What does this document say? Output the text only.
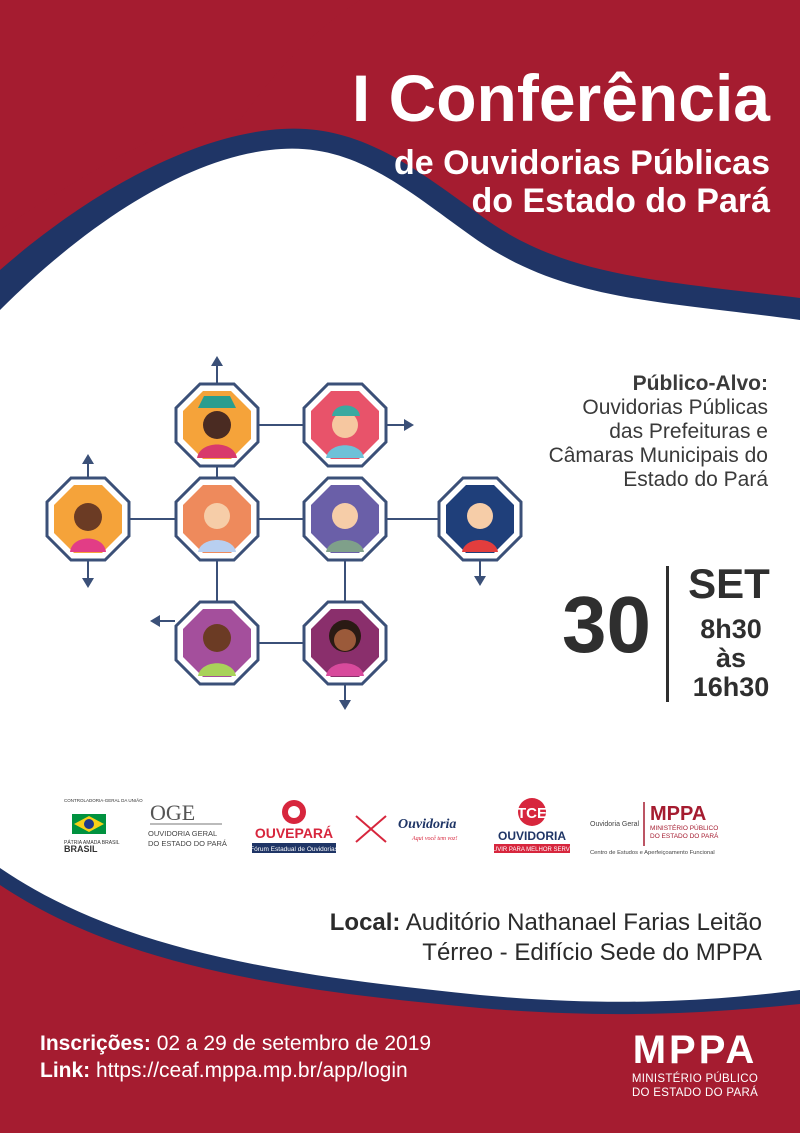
I Conferência
de Ouvidorias Públicas
do Estado do Pará
Público-Alvo:
Ouvidorias Públicas
das Prefeituras e
Câmaras Municipais do
Estado do Pará
30 SET
8h30
às
16h30
CONTROLADORIA-GERAL DA UNIÃO
PÁTRIA AMADA BRASIL
BRASIL
OGE
OUVIDORIA GERAL
DO ESTADO DO PARÁ
OUVEPARÁ
Fórum Estadual de Ouvidorias
Ouvidoria
Aqui você tem voz!
TCE
OUVIDORIA
OUVIR PARA MELHOR SERVIR
Ouvidoria Geral MPPA
MINISTÉRIO PÚBLICO
DO ESTADO DO PARÁ
Centro de Estudos e Aperfeiçoamento Funcional
Local: Auditório Nathanael Farias Leitão
Térreo - Edifício Sede do MPPA
Inscrições: 02 a 29 de setembro de 2019
Link: https://ceaf.mppa.mp.br/app/login	MPPA
MINISTÉRIO PÚBLICO
DO ESTADO DO PARÁ
